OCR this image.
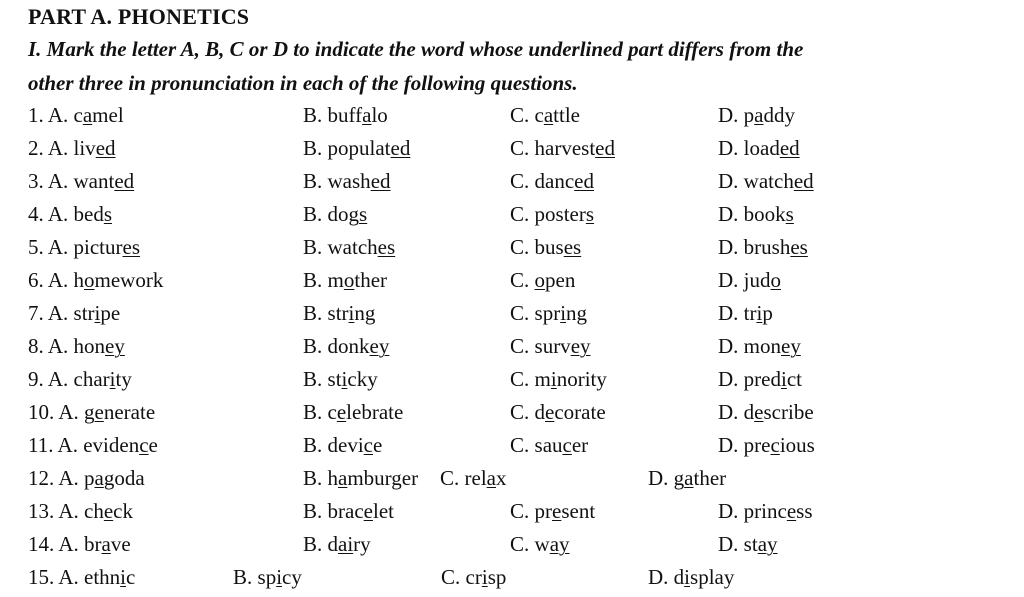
PART A. PHONETICS
I. Mark the letter A, B, C or D to indicate the word whose underlined part differs from the
other three in pronunciation in each of the following questions.
1. A. camel	B. buffalo	C. cattle	D. paddy
2. A. lived	B. populated	C. harvested	D. loaded
3. A. wanted	B. washed	C. danced	D. watched
4. A. beds	B. dogs	C. posters	D. books
5. A. pictures	B. watches	C. buses	D. brushes
6. A. homework	B. mother	C. open	D. judo
7. A. stripe	B. string	C. spring	D. trip
8. A. honey	B. donkey	C. survey	D. money
9. A. charity	B. sticky	C. minority	D. predict
10. A. generate	B. celebrate	C. decorate	D. describe
11. A. evidence	B. device	C. saucer	D. precious
12. A. pagoda	B. hamburger C. relax	D. gather
13. A. check	B. bracelet	C. present	D. princess
14. A. brave	B. dairy	C. way	D. stay
15. A. ethnic	B. spicy	C. crisp	D. display
